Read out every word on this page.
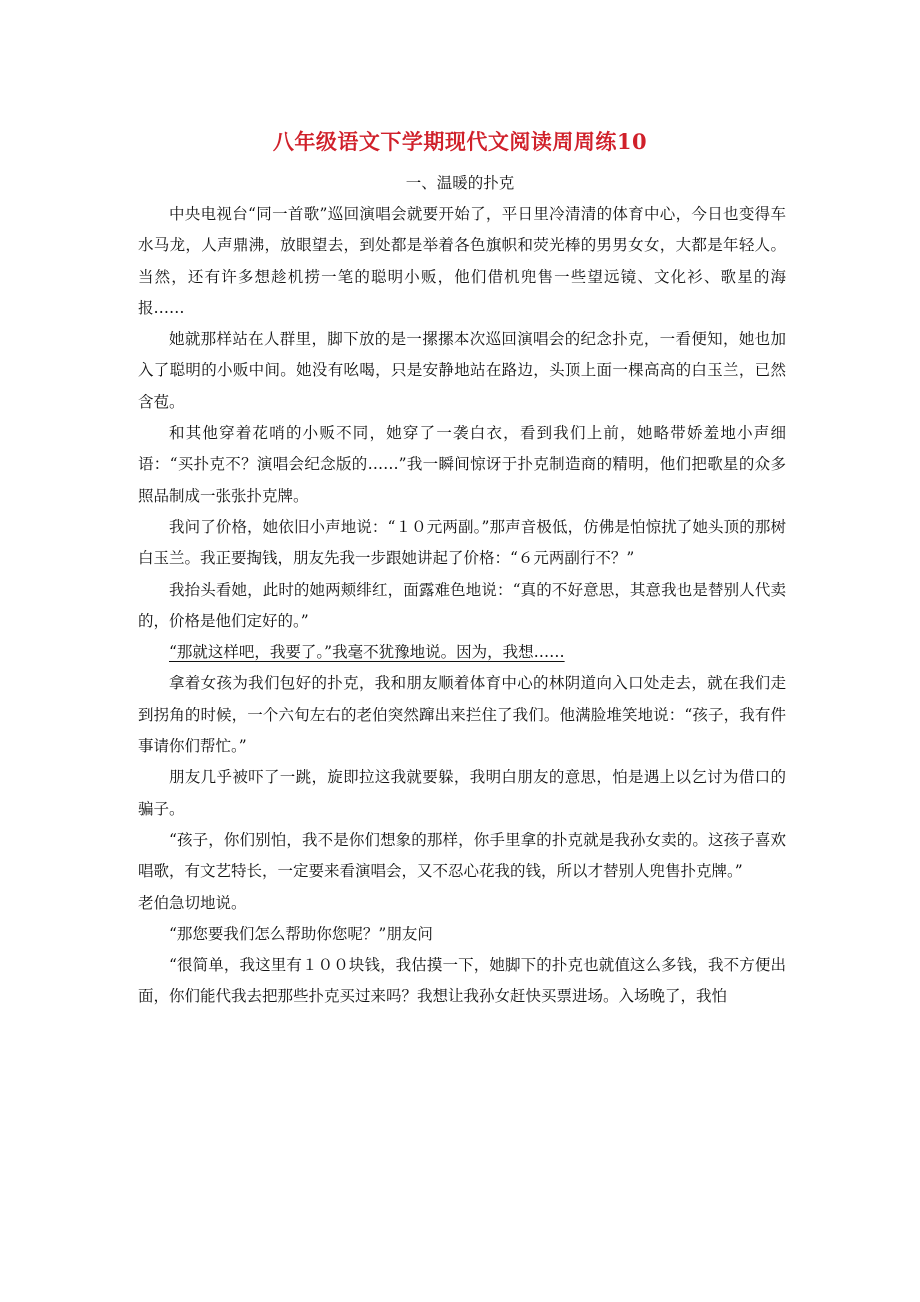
八年级语文下学期现代文阅读周周练10
一、温暖的扑克

中央电视台“同一首歌”巡回演唱会就要开始了，平日里冷清清的体育中心，今日也变得车水马龙，人声鼎沸，放眼望去，到处都是举着各色旗帜和荧光棒的男男女女，大都是年轻人。当然，还有许多想趁机捞一笔的聪明小贩，他们借机兜售一些望远镜、文化衫、歌星的海报……

她就那样站在人群里，脚下放的是一摞摞本次巡回演唱会的纪念扑克，一看便知，她也加入了聪明的小贩中间。她没有吆喝，只是安静地站在路边，头顶上面一棵高高的白玉兰，已然含苞。

和其他穿着花哨的小贩不同，她穿了一袭白衣，看到我们上前，她略带娇羞地小声细语：“买扑克不？演唱会纪念版的……”我一瞬间惊讶于扑克制造商的精明，他们把歌星的众多照品制成一张张扑克牌。

我问了价格，她依旧小声地说：“１０元两副。”那声音极低，仿佛是怕惊扰了她头顶的那树白玉兰。我正要掏钱，朋友先我一步跟她讲起了价格：“６元两副行不？”

我抬头看她，此时的她两颊绯红，面露难色地说：“真的不好意思，其意我也是替别人代卖的，价格是他们定好的。”

“那就这样吧，我要了。”我毫不犹豫地说。因为，我想……

拿着女孩为我们包好的扑克，我和朋友顺着体育中心的林阴道向入口处走去，就在我们走到拐角的时候，一个六旬左右的老伯突然蹿出来拦住了我们。他满脸堆笑地说：“孩子，我有件事请你们帮忙。”

朋友几乎被吓了一跳，旋即拉这我就要躲，我明白朋友的意思，怕是遇上以乞讨为借口的骗子。

“孩子，你们别怕，我不是你们想象的那样，你手里拿的扑克就是我孙女卖的。这孩子喜欢唱歌，有文艺特长，一定要来看演唱会，又不忍心花我的钱，所以才替别人兜售扑克牌。”

老伯急切地说。

“那您要我们怎么帮助你您呢？”朋友问

“很简单，我这里有１００块钱，我估摸一下，她脚下的扑克也就值这么多钱，我不方便出面，你们能代我去把那些扑克买过来吗？我想让我孙女赶快买票进场。入场晚了，我怕
